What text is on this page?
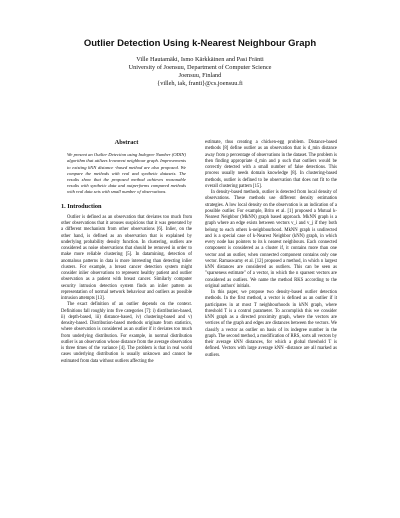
Outlier Detection Using k-Nearest Neighbour Graph
Ville Hautamäki, Ismo Kärkkäinen and Pasi Fränti
University of Joensuu, Department of Computer Science
Joensuu, Finland
{villeh, iak, franti}@cs.joensuu.fi
Abstract
We present an Outlier Detection using Indegree Number (ODIN) algorithm that utilizes k-nearest neighbour graph. Improvements to existing kNN distance -based method are also proposed. We compare the methods with real and synthetic datasets. The results show that the proposed method achieves reasonable results with synthetic data and outperforms compared methods with real data sets with small number of observations.
1. Introduction

Outlier is defined as an observation that deviates too much from other observations that it arouses suspicions that it was generated by a different mechanism from other observations [6]. Inlier, on the other hand, is defined as an observation that is explained by underlying probability density function. In clustering, outliers are considered as noise observations that should be removed in order to make more reliable clustering [5]. In datamining, detection of anomalous patterns in data is more interesting than detecting inlier clusters. For example, a breast cancer detection system might consider inlier observations to represent healthy patient and outlier observation as a patient with breast cancer. Similarly computer security intrusion detection system finds an inlier pattern as representation of normal network behaviour and outliers as possible intrusion attempts [13].

The exact definition of an outlier depends on the context. Definitions fall roughly into five categories [7]: i) distribution-based, ii) depth-based, iii) distance-based, iv) clustering-based and v) density-based. Distribution-based methods originate from statistics, where observation is considered as an outlier if it deviates too much from underlying distribution. For example, in normal distribution outlier is an observation whose distance from the average observation is three times of the variance [4]. The problem is that in real world cases underlying distribution is usually unknown and cannot be estimated from data without outliers affecting the

estimate, thus creating a chicken-egg problem. Distance-based methods [8] define outlier as an observation that is d_min distance away from p percentage of observations in the dataset. The problem is then finding appropriate d_min and p such that outliers would be correctly detected with a small number of false detections. This process usually needs domain knowledge [8]. In clustering-based methods, outlier is defined to be observation that does not fit to the overall clustering pattern [15].

In density-based methods, outlier is detected from local density of observations. These methods use different density estimation strategies. A low local density on the observation is an indication of a possible outlier. For example, Brito et al. [1] proposed a Mutual k-Nearest Neighbor (MkNN) graph based approach. MkNN graph is a graph where an edge exists between vectors v_i and v_j if they both belong to each others k-neighbourhood. MkNN graph is undirected and is a special case of k-Nearest Neighbor (kNN) graph, in which every node has pointers to its k nearest neighbours. Each connected component is considered as a cluster if, it contains more than one vector and an outlier, when connected component contains only one vector. Ramaswamy et al. [12] proposed a method, in which n largest kNN distances are considered as outliers. This can be seen as "sparseness estimate" of a vector, in which the n sparsest vectors are considered as outliers. We name the method RKS according to the original authors' initials.

In this paper, we propose two density-based outlier detection methods. In the first method, a vector is defined as an outlier if it participates in at most T neighbourhoods in kNN graph, where threshold T is a control parameter. To accomplish this we consider kNN graph as a directed proximity graph, where the vectors are vertices of the graph and edges are distances between the vectors. We classify a vector as outlier on basis of its indegree number in the graph. The second method, a modification of RRS, sorts all vectors by their average kNN distances, for which a global threshold T is defined. Vectors with large average kNN -distance are all marked as outliers.
